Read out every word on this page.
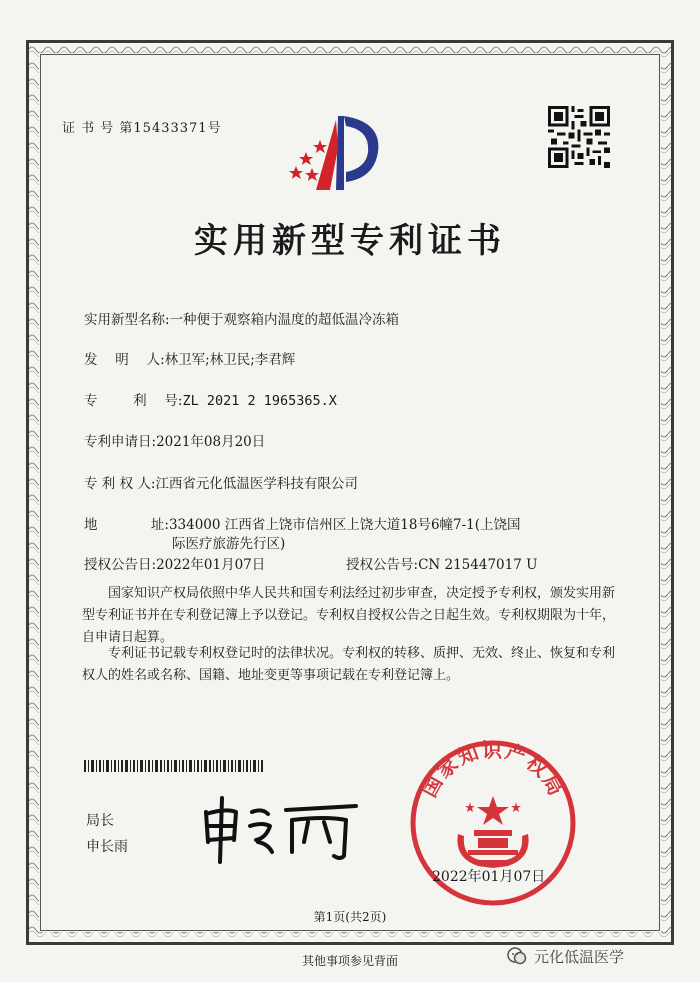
证 书 号 第15433371号
实用新型专利证书
实用新型名称:一种便于观察箱内温度的超低温冷冻箱
发　 明　 人:林卫军;林卫民;李君辉
专　 　 利　 号:ZL 2021 2 1965365.X
专利申请日:2021年08月20日
专 利 权 人:江西省元化低温医学科技有限公司
地　 　 　 址:334000 江西省上饶市信州区上饶大道18号6幢7-1(上饶国
际医疗旅游先行区)
授权公告日:2022年01月07日	授权公告号:CN 215447017 U
国家知识产权局依照中华人民共和国专利法经过初步审查，决定授予专利权，颁发实用新型专利证书并在专利登记簿上予以登记。专利权自授权公告之日起生效。专利权期限为十年，自申请日起算。
专利证书记载专利权登记时的法律状况。专利权的转移、质押、无效、终止、恢复和专利权人的姓名或名称、国籍、地址变更等事项记载在专利登记簿上。
局长
申长雨
国家知识产权局
2022年01月07日
第1页(共2页)
其他事项参见背面	元化低温医学
